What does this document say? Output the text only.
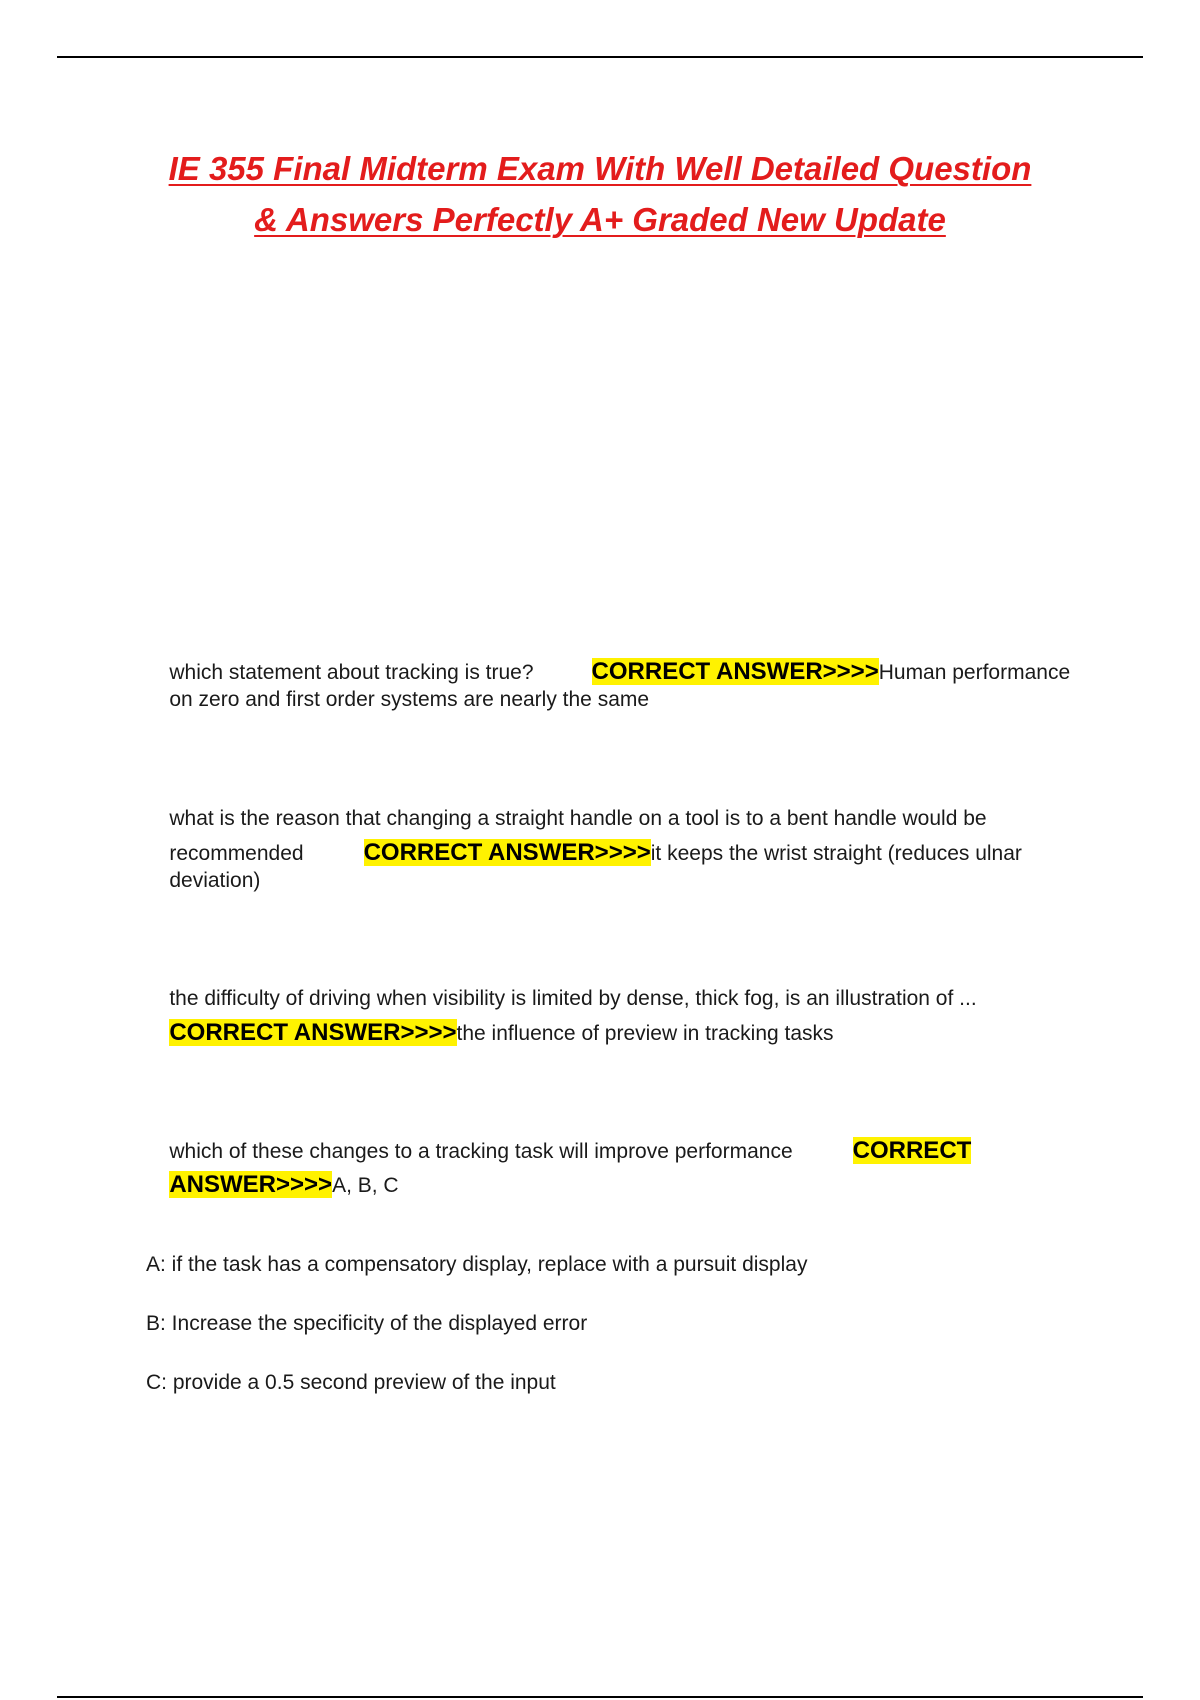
IE 355 Final Midterm Exam With Well Detailed Question
& Answers Perfectly A+ Graded New Update

which statement about tracking is true? CORRECT ANSWER>>>>Human performance

on zero and first order systems are nearly the same

what is the reason that changing a straight handle on a tool is to a bent handle would be

recommended	CORRECT ANSWER>>>>it keeps the wrist straight (reduces ulnar

deviation)

the difficulty of driving when visibility is limited by dense, thick fog, is an illustration of ...

CORRECT ANSWER>>>>the influence of preview in tracking tasks

which of these changes to a tracking task will improve performance	CORRECT

ANSWER>>>>A, B, C

A: if the task has a compensatory display, replace with a pursuit display
B: Increase the specificity of the displayed error
C: provide a 0.5 second preview of the input
